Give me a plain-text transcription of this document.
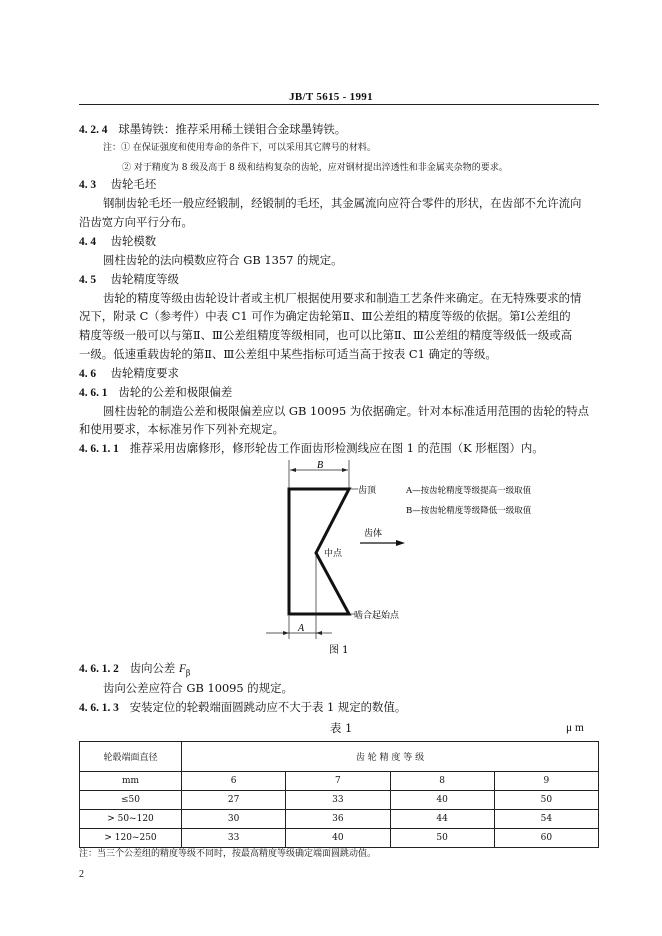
JB/T 5615 - 1991
4. 2. 4 球墨铸铁：推荐采用稀土镁钼合金球墨铸铁。
注：① 在保证强度和使用寿命的条件下，可以采用其它牌号的材料。
② 对于精度为 8 级及高于 8 级和结构复杂的齿轮，应对钢材提出淬透性和非金属夹杂物的要求。
4. 3 齿轮毛坯
钢制齿轮毛坯一般应经锻制，经锻制的毛坯，其金属流向应符合零件的形状，在齿部不允许流向
沿齿宽方向平行分布。
4. 4 齿轮模数
圆柱齿轮的法向模数应符合 GB 1357 的规定。
4. 5 齿轮精度等级
齿轮的精度等级由齿轮设计者或主机厂根据使用要求和制造工艺条件来确定。在无特殊要求的情
况下，附录 C（参考件）中表 C1 可作为确定齿轮第Ⅱ、Ⅲ公差组的精度等级的依据。第Ⅰ公差组的
精度等级一般可以与第Ⅱ、Ⅲ公差组精度等级相同，也可以比第Ⅱ、Ⅲ公差组的精度等级低一级或高
一级。低速重载齿轮的第Ⅱ、Ⅲ公差组中某些指标可适当高于按表 C1 确定的等级。
4. 6 齿轮精度要求
4. 6. 1 齿轮的公差和极限偏差
圆柱齿轮的制造公差和极限偏差应以 GB 10095 为依据确定。针对本标准适用范围的齿轮的特点
和使用要求，本标准另作下列补充规定。
4. 6. 1. 1 推荐采用齿廓修形，修形轮齿工作面齿形检测线应在图 1 的范围（K 形框图）内。
B
齿顶
中点
啮合起始点
齿体
A—按齿轮精度等级提高一级取值
B—按齿轮精度等级降低一级取值
A
图 1
4. 6. 1. 2 齿向公差 $F_\beta$
齿向公差应符合 GB 10095 的规定。
4. 6. 1. 3 安装定位的轮毂端面圆跳动应不大于表 1 规定的数值。
表 1	μ m
轮毂端面直径	齿 轮 精 度 等 级			
mm	6	7	8	9
≤50	27	33	40	50
> 50~120	30	36	44	54
> 120~250	33	40	50	60
注：当三个公差组的精度等级不同时，按最高精度等级确定端面圆跳动值。
2
